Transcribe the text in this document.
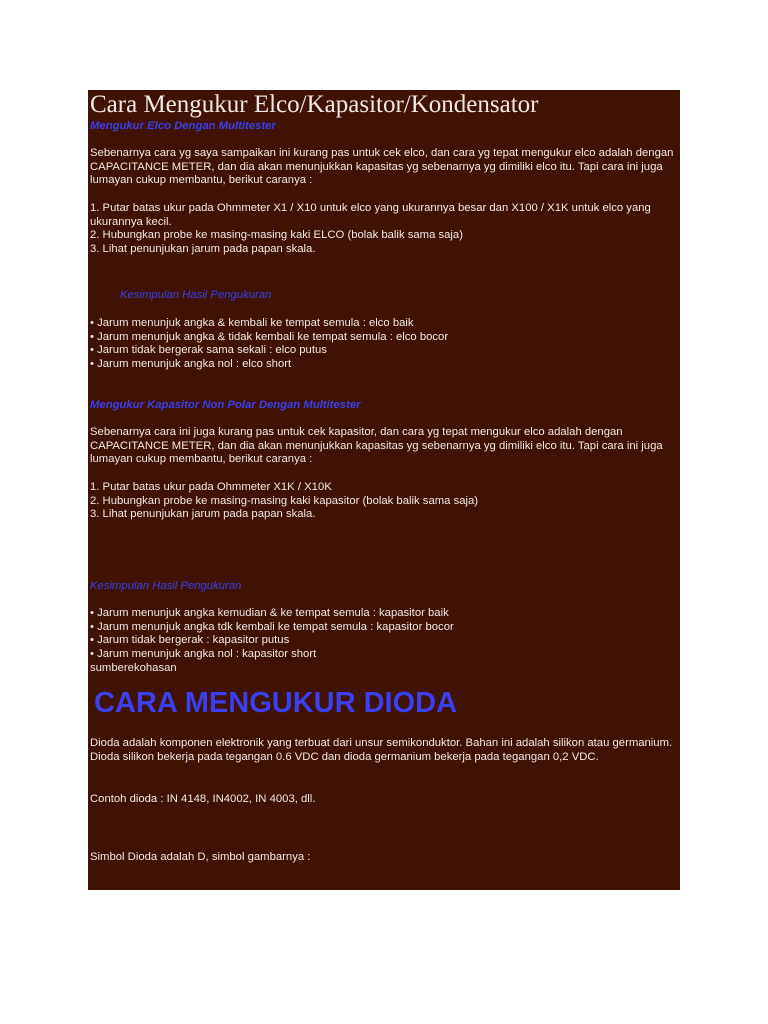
Cara Mengukur Elco/Kapasitor/Kondensator
Mengukur Elco Dengan Multitester

Sebenarnya cara yg saya sampaikan ini kurang pas untuk cek elco, dan cara yg tepat mengukur elco adalah dengan CAPACITANCE METER, dan dia akan menunjukkan kapasitas yg sebenarnya yg dimiliki elco itu. Tapi cara ini juga lumayan cukup membantu, berikut caranya :

1. Putar batas ukur pada Ohmmeter X1 / X10 untuk elco yang ukurannya besar dan X100 / X1K untuk elco yang ukurannya kecil.
2. Hubungkan probe ke masing-masing kaki ELCO (bolak balik sama saja)
3. Lihat penunjukan jarum pada papan skala.
Kesimpulan Hasil Pengukuran
• Jarum menunjuk angka & kembali ke tempat semula : elco baik
• Jarum menunjuk angka & tidak kembali ke tempat semula : elco bocor
• Jarum tidak bergerak sama sekali : elco putus
• Jarum menunjuk angka nol : elco short
Mengukur Kapasitor Non Polar Dengan Multitester

Sebenarnya cara ini juga kurang pas untuk cek kapasitor, dan cara yg tepat mengukur elco adalah dengan CAPACITANCE METER, dan dia akan menunjukkan kapasitas yg sebenarnya yg dimiliki elco itu. Tapi cara ini juga lumayan cukup membantu, berikut caranya :

1. Putar batas ukur pada Ohmmeter X1K / X10K
2. Hubungkan probe ke masing-masing kaki kapasitor (bolak balik sama saja)
3. Lihat penunjukan jarum pada papan skala.
Kesimpulan Hasil Pengukuran
• Jarum menunjuk angka kemudian & ke tempat semula : kapasitor baik
• Jarum menunjuk angka tdk kembali ke tempat semula : kapasitor bocor
• Jarum tidak bergerak : kapasitor putus
• Jarum menunjuk angka nol : kapasitor short
sumberekohasan
CARA MENGUKUR DIODA

Dioda adalah komponen elektronik yang terbuat dari unsur semikonduktor. Bahan ini adalah silikon atau germanium. Dioda silikon bekerja pada tegangan 0.6 VDC dan dioda germanium bekerja pada tegangan 0,2 VDC.

Contoh dioda : IN 4148, IN4002, IN 4003, dll.

Simbol Dioda adalah D, simbol gambarnya :
